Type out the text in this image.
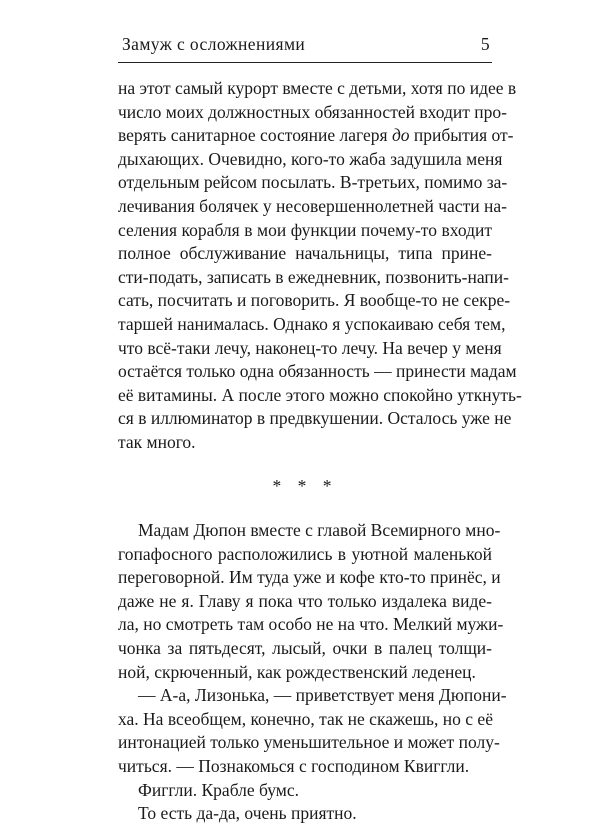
Замуж с осложнениями	5
на этот самый курорт вместе с детьми, хотя по идее в
число моих должностных обязанностей входит про-
верять санитарное состояние лагеря до прибытия от-
дыхающих. Очевидно, кого-то жаба задушила меня
отдельным рейсом посылать. В-третьих, помимо за-
лечивания болячек у несовершеннолетней части на-
селения корабля в мои функции почему-то входит
полное обслуживание начальницы, типа прине-
сти-подать, записать в ежедневник, позвонить-напи-
сать, посчитать и поговорить. Я вообще-то не секре-
таршей нанималась. Однако я успокаиваю себя тем,
что всё-таки лечу, наконец-то лечу. На вечер у меня
остаётся только одна обязанность — принести мадам
её витамины. А после этого можно спокойно уткнуть-
ся в иллюминатор в предвкушении. Осталось уже не
так много.
* * *
Мадам Дюпон вместе с главой Всемирного мно-
гопафосного расположились в уютной маленькой
переговорной. Им туда уже и кофе кто-то принёс, и
даже не я. Главу я пока что только издалека виде-
ла, но смотреть там особо не на что. Мелкий мужи-
чонка за пятьдесят, лысый, очки в палец толщи-
ной, скрюченный, как рождественский леденец.
— А-а, Лизонька, — приветствует меня Дюпони-
ха. На всеобщем, конечно, так не скажешь, но с её
интонацией только уменьшительное и может полу-
читься. — Познакомься с господином Квиггли.
Фиггли. Крабле бумс.
То есть да-да, очень приятно.
